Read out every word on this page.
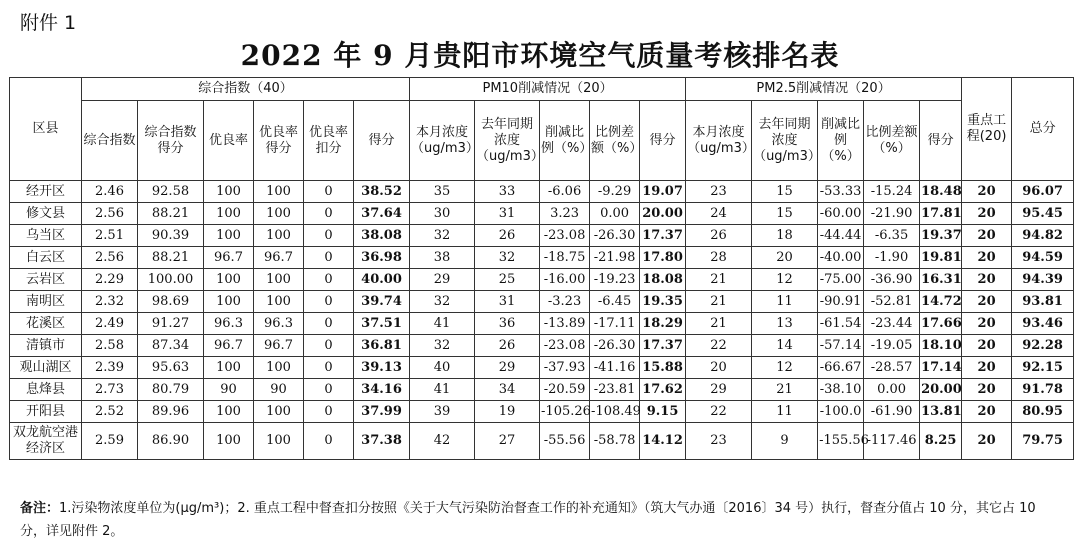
附件 1
2022 年 9 月贵阳市环境空气质量考核排名表
区县	综合指数（40）						PM10削减情况（20）					PM2.5削减情况（20）					重点工程(20)	总分
	综合指数	综合指数得分	优良率	优良率得分	优良率扣分	得分	本月浓度（ug/m3）	去年同期浓度（ug/m3）	削减比例（%）	比例差额（%）	得分	本月浓度（ug/m3）	去年同期浓度（ug/m3）	削减比例（%）	比例差额（%）	得分		
经开区	2.46	92.58	100	100	0	38.52	35	33	-6.06	-9.29	19.07	23	15	-53.33	-15.24	18.48	20	96.07
修文县	2.56	88.21	100	100	0	37.64	30	31	3.23	0.00	20.00	24	15	-60.00	-21.90	17.81	20	95.45
乌当区	2.51	90.39	100	100	0	38.08	32	26	-23.08	-26.30	17.37	26	18	-44.44	-6.35	19.37	20	94.82
白云区	2.56	88.21	96.7	96.7	0	36.98	38	32	-18.75	-21.98	17.80	28	20	-40.00	-1.90	19.81	20	94.59
云岩区	2.29	100.00	100	100	0	40.00	29	25	-16.00	-19.23	18.08	21	12	-75.00	-36.90	16.31	20	94.39
南明区	2.32	98.69	100	100	0	39.74	32	31	-3.23	-6.45	19.35	21	11	-90.91	-52.81	14.72	20	93.81
花溪区	2.49	91.27	96.3	96.3	0	37.51	41	36	-13.89	-17.11	18.29	21	13	-61.54	-23.44	17.66	20	93.46
清镇市	2.58	87.34	96.7	96.7	0	36.81	32	26	-23.08	-26.30	17.37	22	14	-57.14	-19.05	18.10	20	92.28
观山湖区	2.39	95.63	100	100	0	39.13	40	29	-37.93	-41.16	15.88	20	12	-66.67	-28.57	17.14	20	92.15
息烽县	2.73	80.79	90	90	0	34.16	41	34	-20.59	-23.81	17.62	29	21	-38.10	0.00	20.00	20	91.78
开阳县	2.52	89.96	100	100	0	37.99	39	19	-105.26	-108.49	9.15	22	11	-100.0	-61.90	13.81	20	80.95
双龙航空港经济区	2.59	86.90	100	100	0	37.38	42	27	-55.56	-58.78	14.12	23	9	-155.56	-117.46	8.25	20	79.75
备注：1.污染物浓度单位为(μg/m³)；2. 重点工程中督查扣分按照《关于大气污染防治督查工作的补充通知》（筑大气办通〔2016〕34 号）执行，督查分值占 10 分，其它占 10 分，详见附件 2。
